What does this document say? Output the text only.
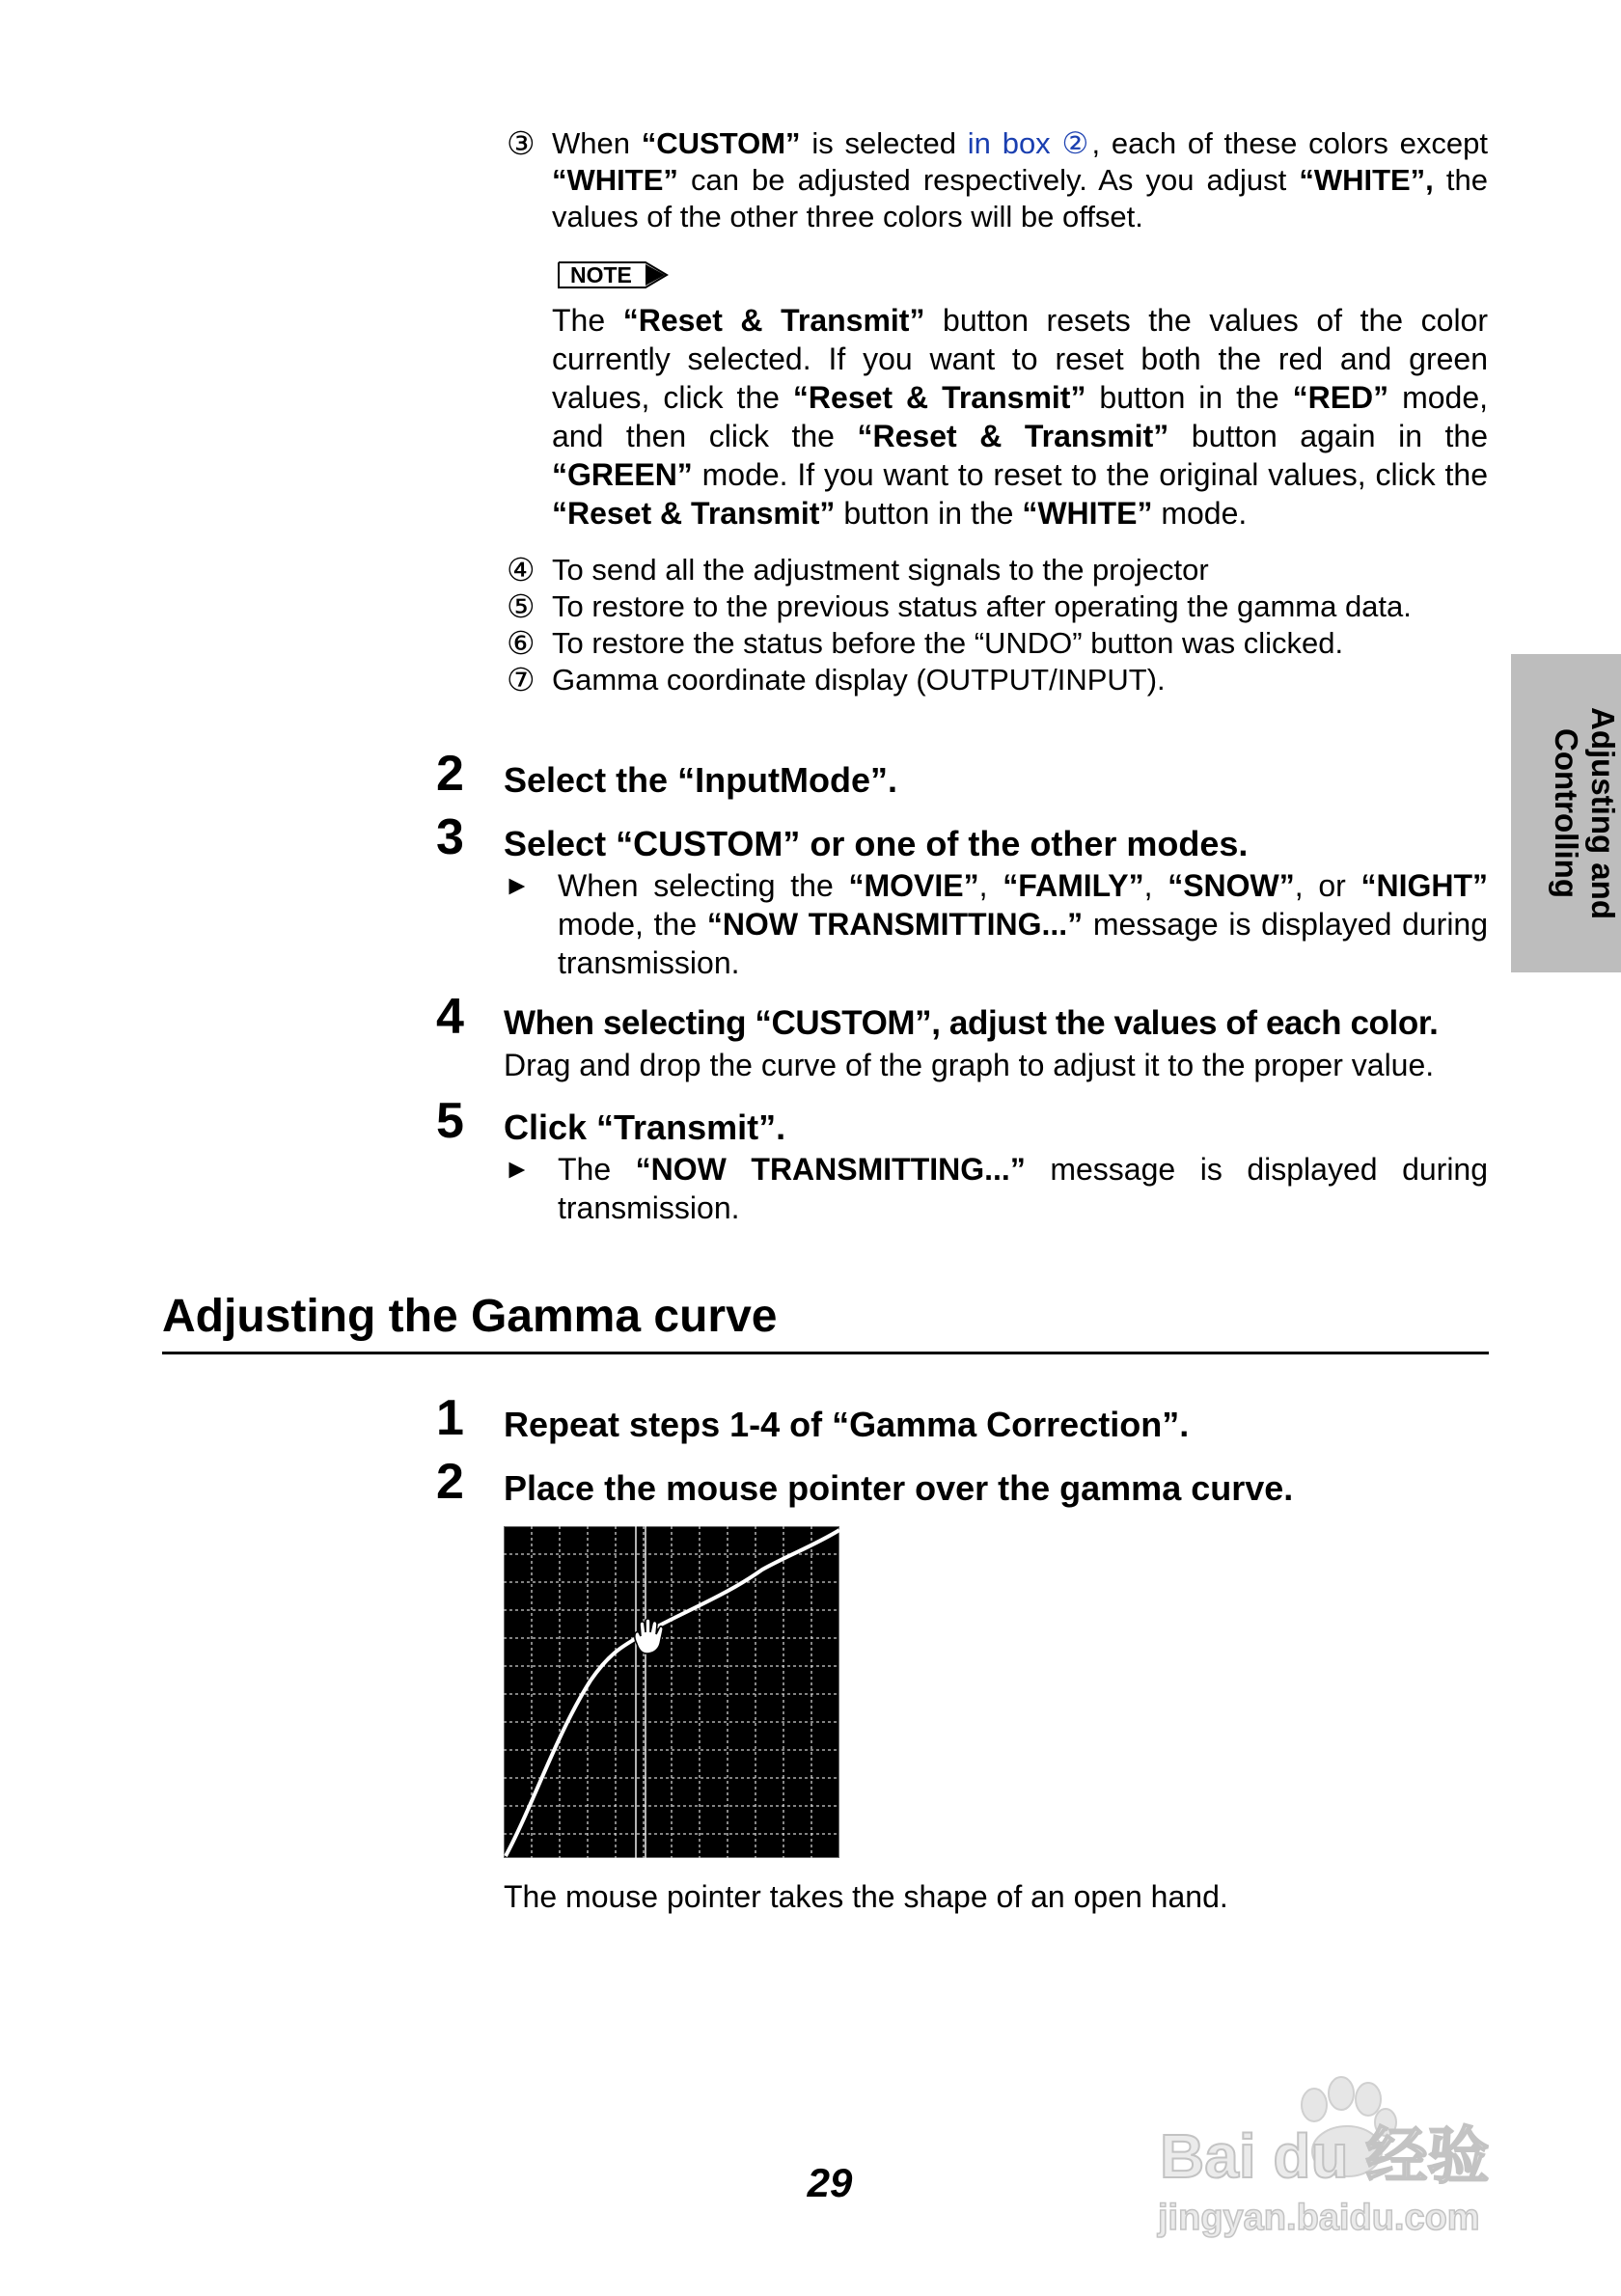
③ When “CUSTOM” is selected in box ②, each of these colors except “WHITE” can be adjusted respectively. As you adjust “WHITE”, the values of the other three colors will be offset.
NOTE
The “Reset & Transmit” button resets the values of the color currently selected. If you want to reset both the red and green values, click the “Reset & Transmit” button in the “RED” mode, and then click the “Reset & Transmit” button again in the “GREEN” mode. If you want to reset to the original values, click the “Reset & Transmit” button in the “WHITE” mode.
④ To send all the adjustment signals to the projector
⑤ To restore to the previous status after operating the gamma data.
⑥ To restore the status before the “UNDO” button was clicked.
⑦ Gamma coordinate display (OUTPUT/INPUT).
2 Select the “InputMode”.
3 Select “CUSTOM” or one of the other modes.
► When selecting the “MOVIE”, “FAMILY”, “SNOW”, or “NIGHT” mode, the “NOW TRANSMITTING...” message is displayed during transmission.
4 When selecting “CUSTOM”, adjust the values of each color.
Drag and drop the curve of the graph to adjust it to the proper value.
5 Click “Transmit”.
► The “NOW TRANSMITTING...” message is displayed during transmission.
Adjusting and
Controlling
Adjusting the Gamma curve
1 Repeat steps 1-4 of “Gamma Correction”.
2 Place the mouse pointer over the gamma curve.
The mouse pointer takes the shape of an open hand.
29	Bai du 经验
jingyan.baidu.com
